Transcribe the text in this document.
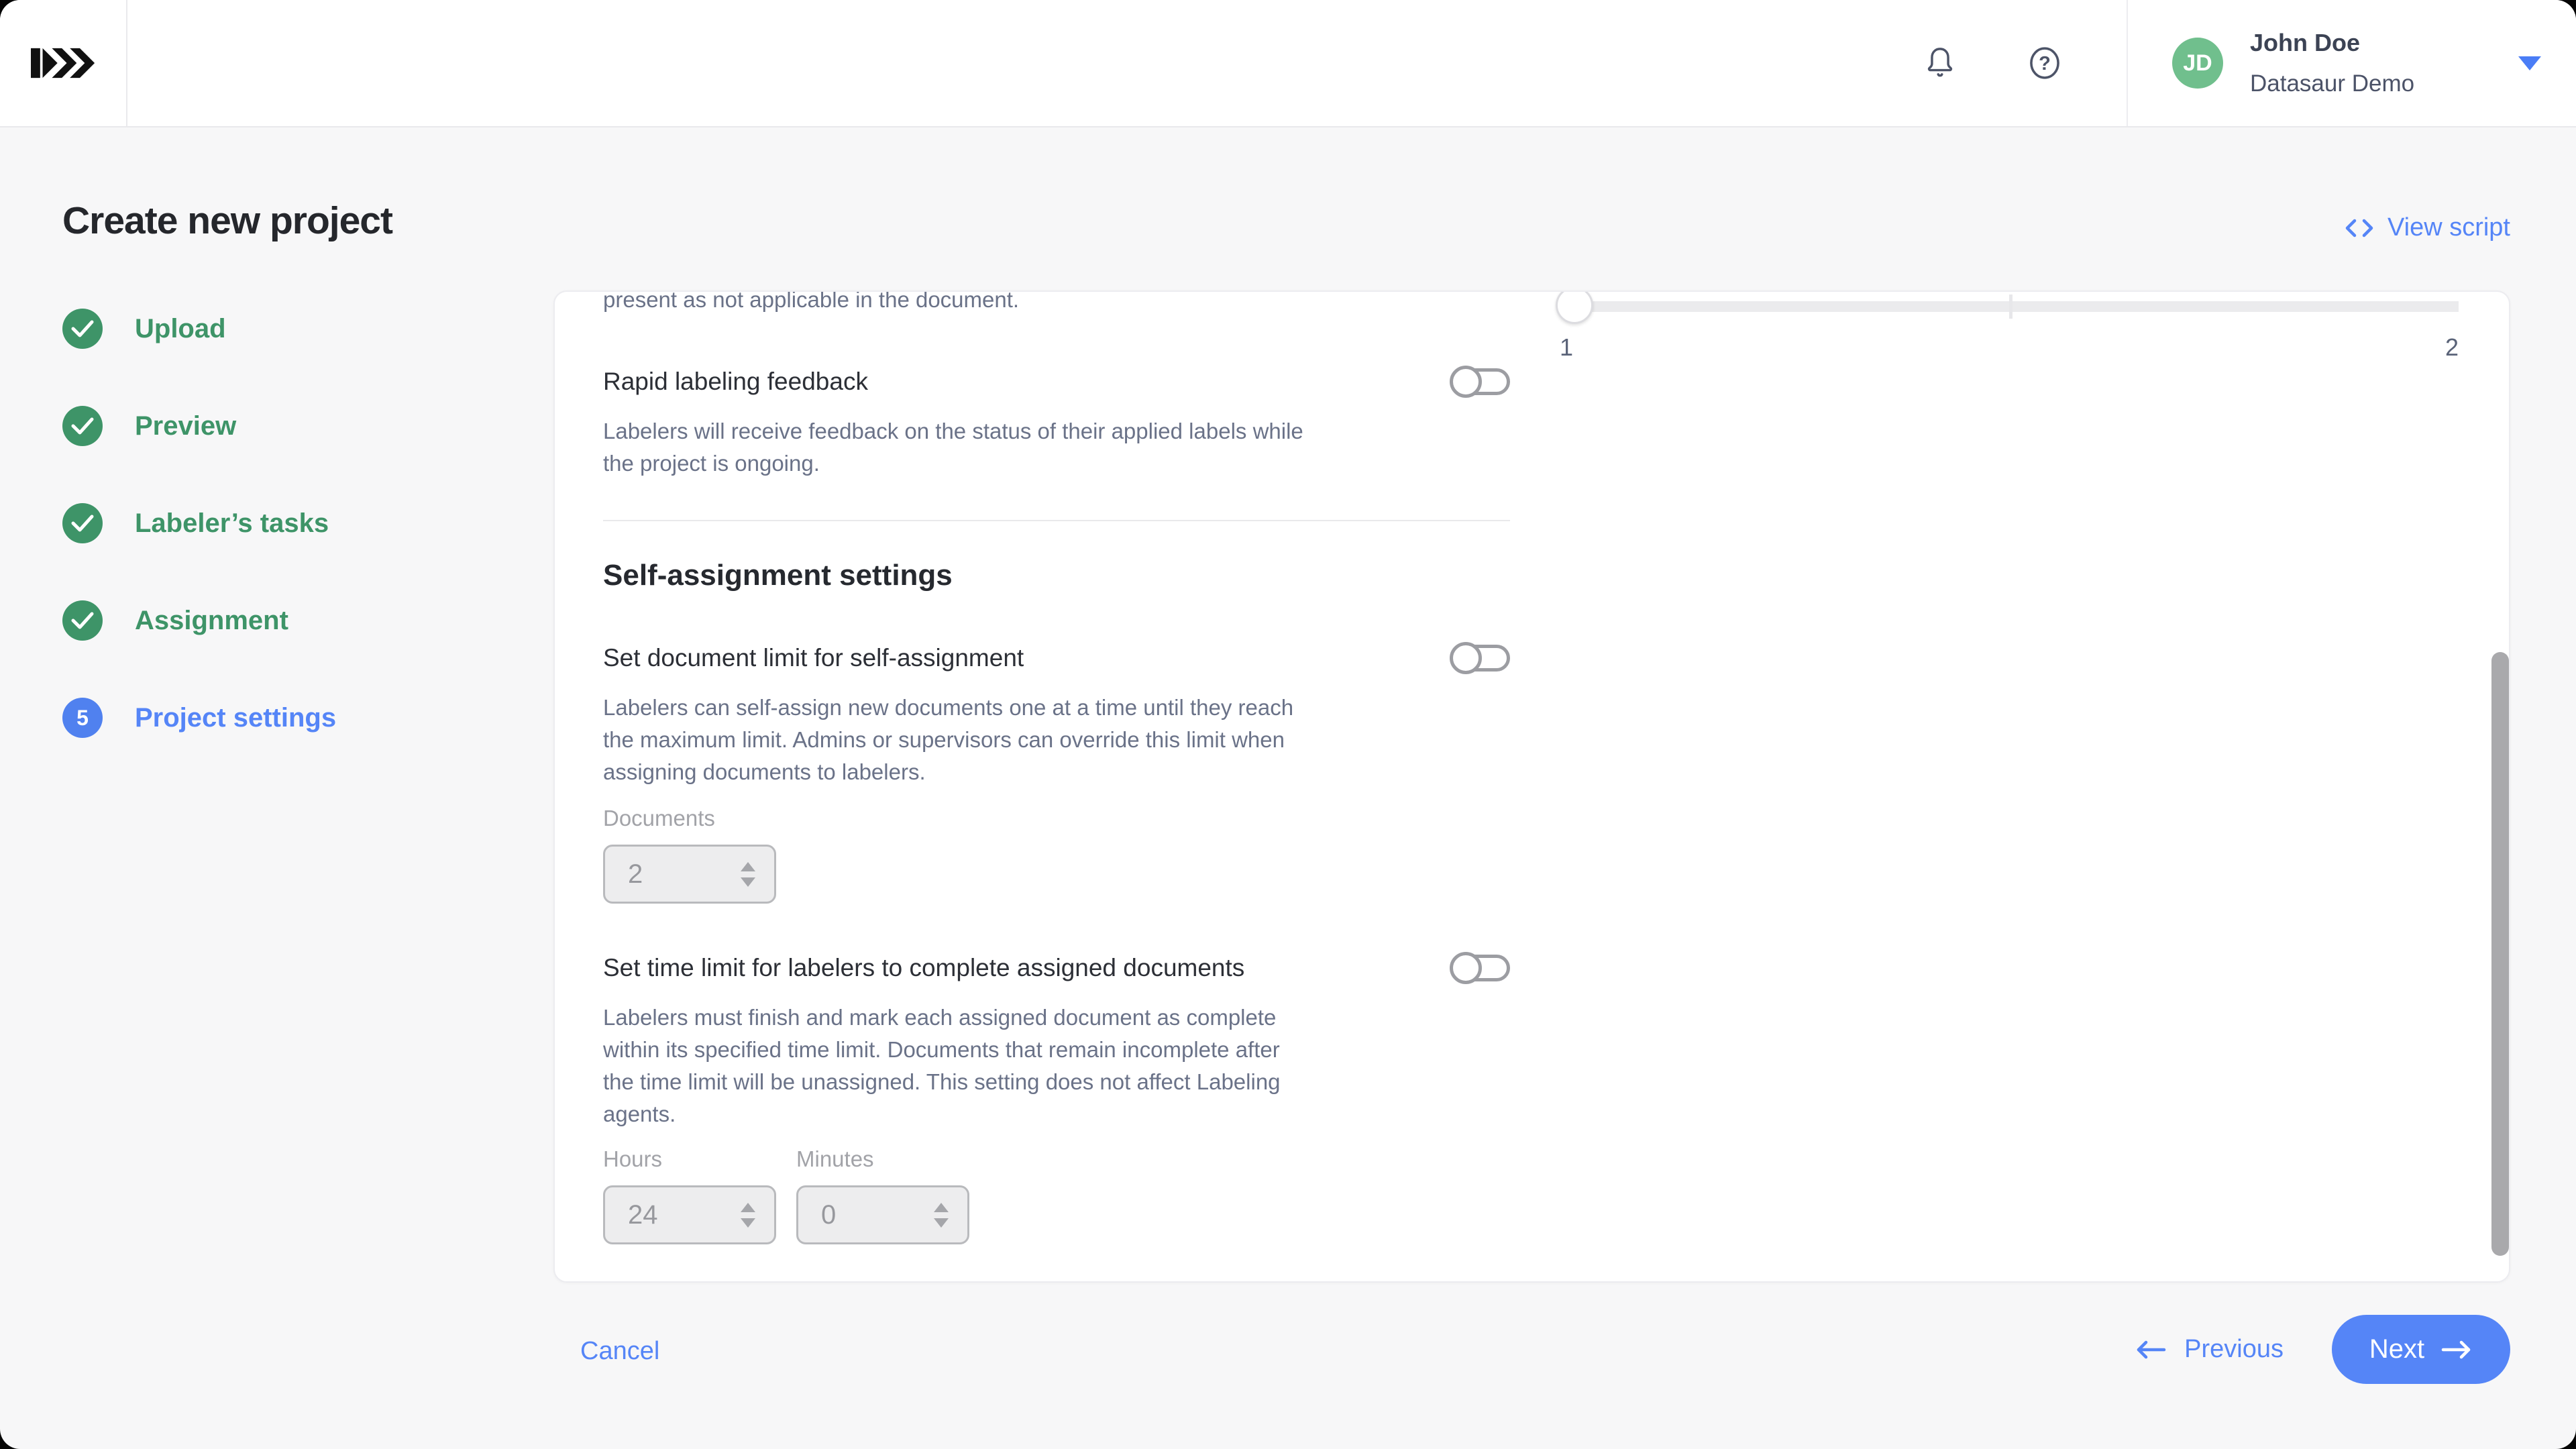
?	JD
John Doe
Datasaur Demo
Create new project	View script
Upload
Preview
Labeler’s tasks
Assignment
5	Project settings
1	2
present as not applicable in the document.
Rapid labeling feedback
Labelers will receive feedback on the status of their applied labels while
the project is ongoing.
Self-assignment settings
Set document limit for self-assignment
Labelers can self-assign new documents one at a time until they reach
the maximum limit. Admins or supervisors can override this limit when
assigning documents to labelers.
Documents
2
Set time limit for labelers to complete assigned documents
Labelers must finish and mark each assigned document as complete
within its specified time limit. Documents that remain incomplete after
the time limit will be unassigned. This setting does not affect Labeling
agents.
Hours	Minutes
24	0
Cancel	Previous	Next
